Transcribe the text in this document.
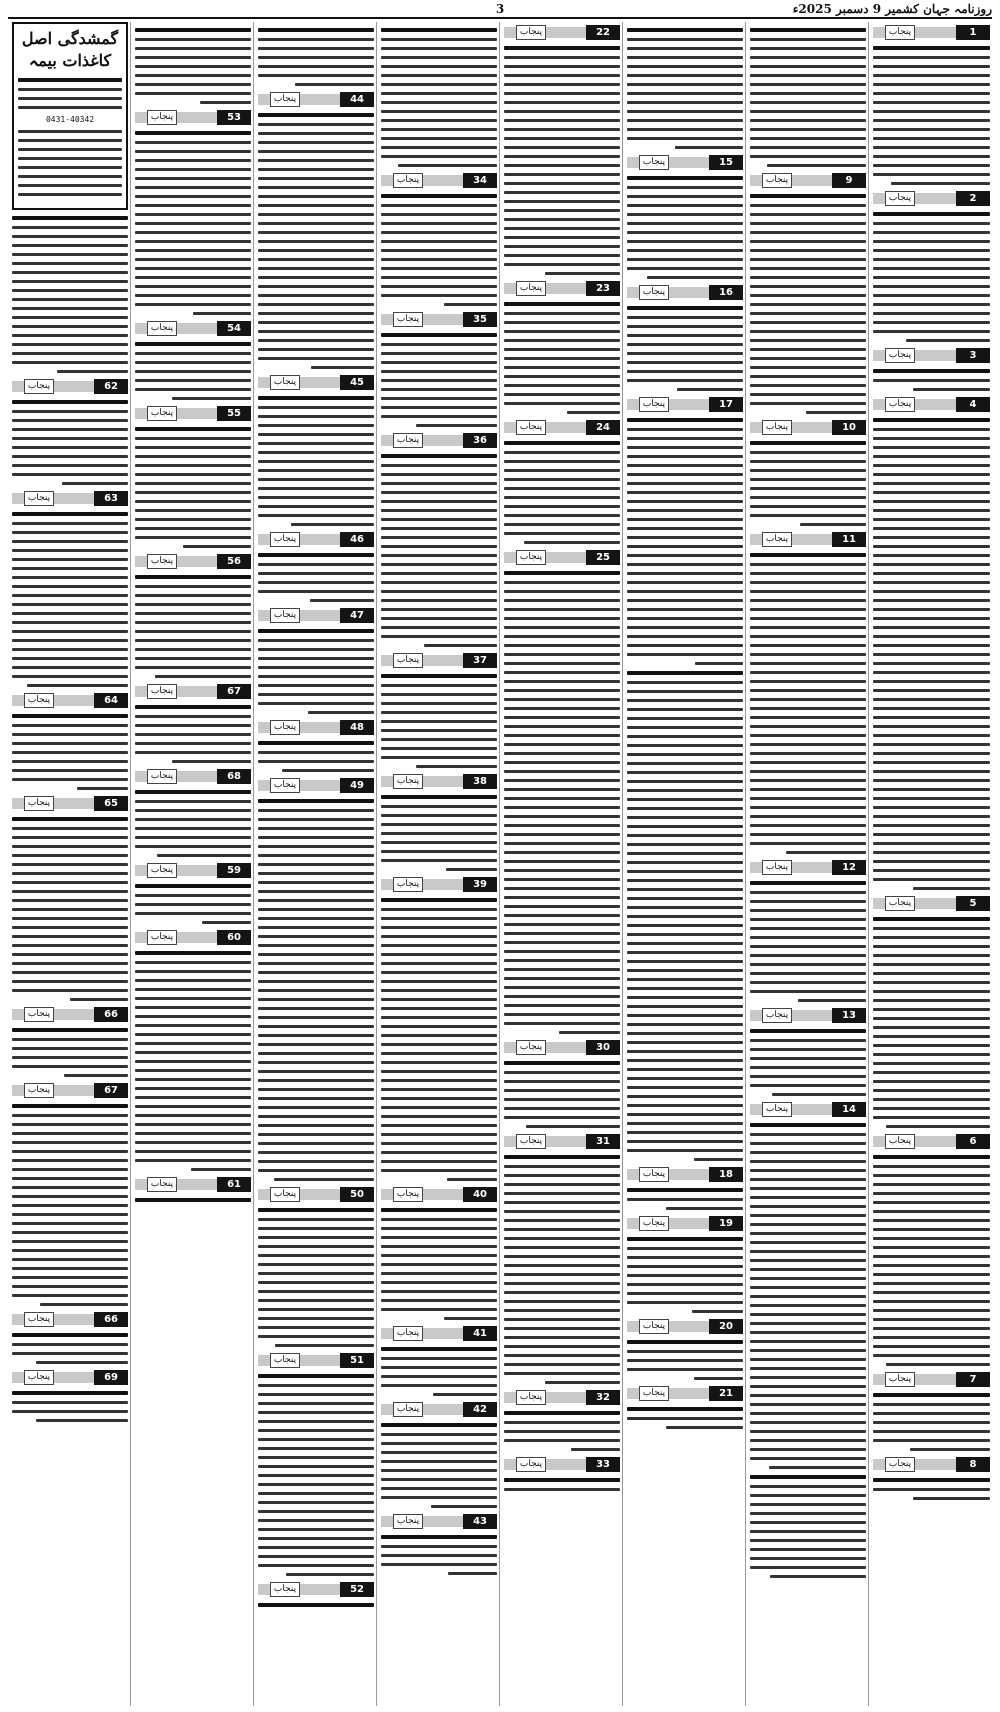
روزنامہ جہان کشمیر 9 دسمبر 2025ء
3
1
پنجاب
2
پنجاب
3
پنجاب
4
پنجاب
5
پنجاب
6
پنجاب
7
پنجاب
8
پنجاب
9
پنجاب
10
پنجاب
11
پنجاب
12
پنجاب
13
پنجاب
14
پنجاب
15
پنجاب
16
پنجاب
17
پنجاب
18
پنجاب
19
پنجاب
20
پنجاب
21
پنجاب
22
پنجاب
23
پنجاب
24
پنجاب
25
پنجاب
30
پنجاب
31
پنجاب
32
پنجاب
33
پنجاب
34
پنجاب
35
پنجاب
36
پنجاب
37
پنجاب
38
پنجاب
39
پنجاب
40
پنجاب
41
پنجاب
42
پنجاب
43
پنجاب
44
پنجاب
45
پنجاب
46
پنجاب
47
پنجاب
48
پنجاب
49
پنجاب
50
پنجاب
51
پنجاب
52
پنجاب
53
پنجاب
54
پنجاب
55
پنجاب
56
پنجاب
67
پنجاب
68
پنجاب
59
پنجاب
60
پنجاب
61
پنجاب
گمشدگی اصل کاغذات بیمہ
0431-40342
62
پنجاب
63
پنجاب
64
پنجاب
65
پنجاب
66
پنجاب
67
پنجاب
66
پنجاب
69
پنجاب
